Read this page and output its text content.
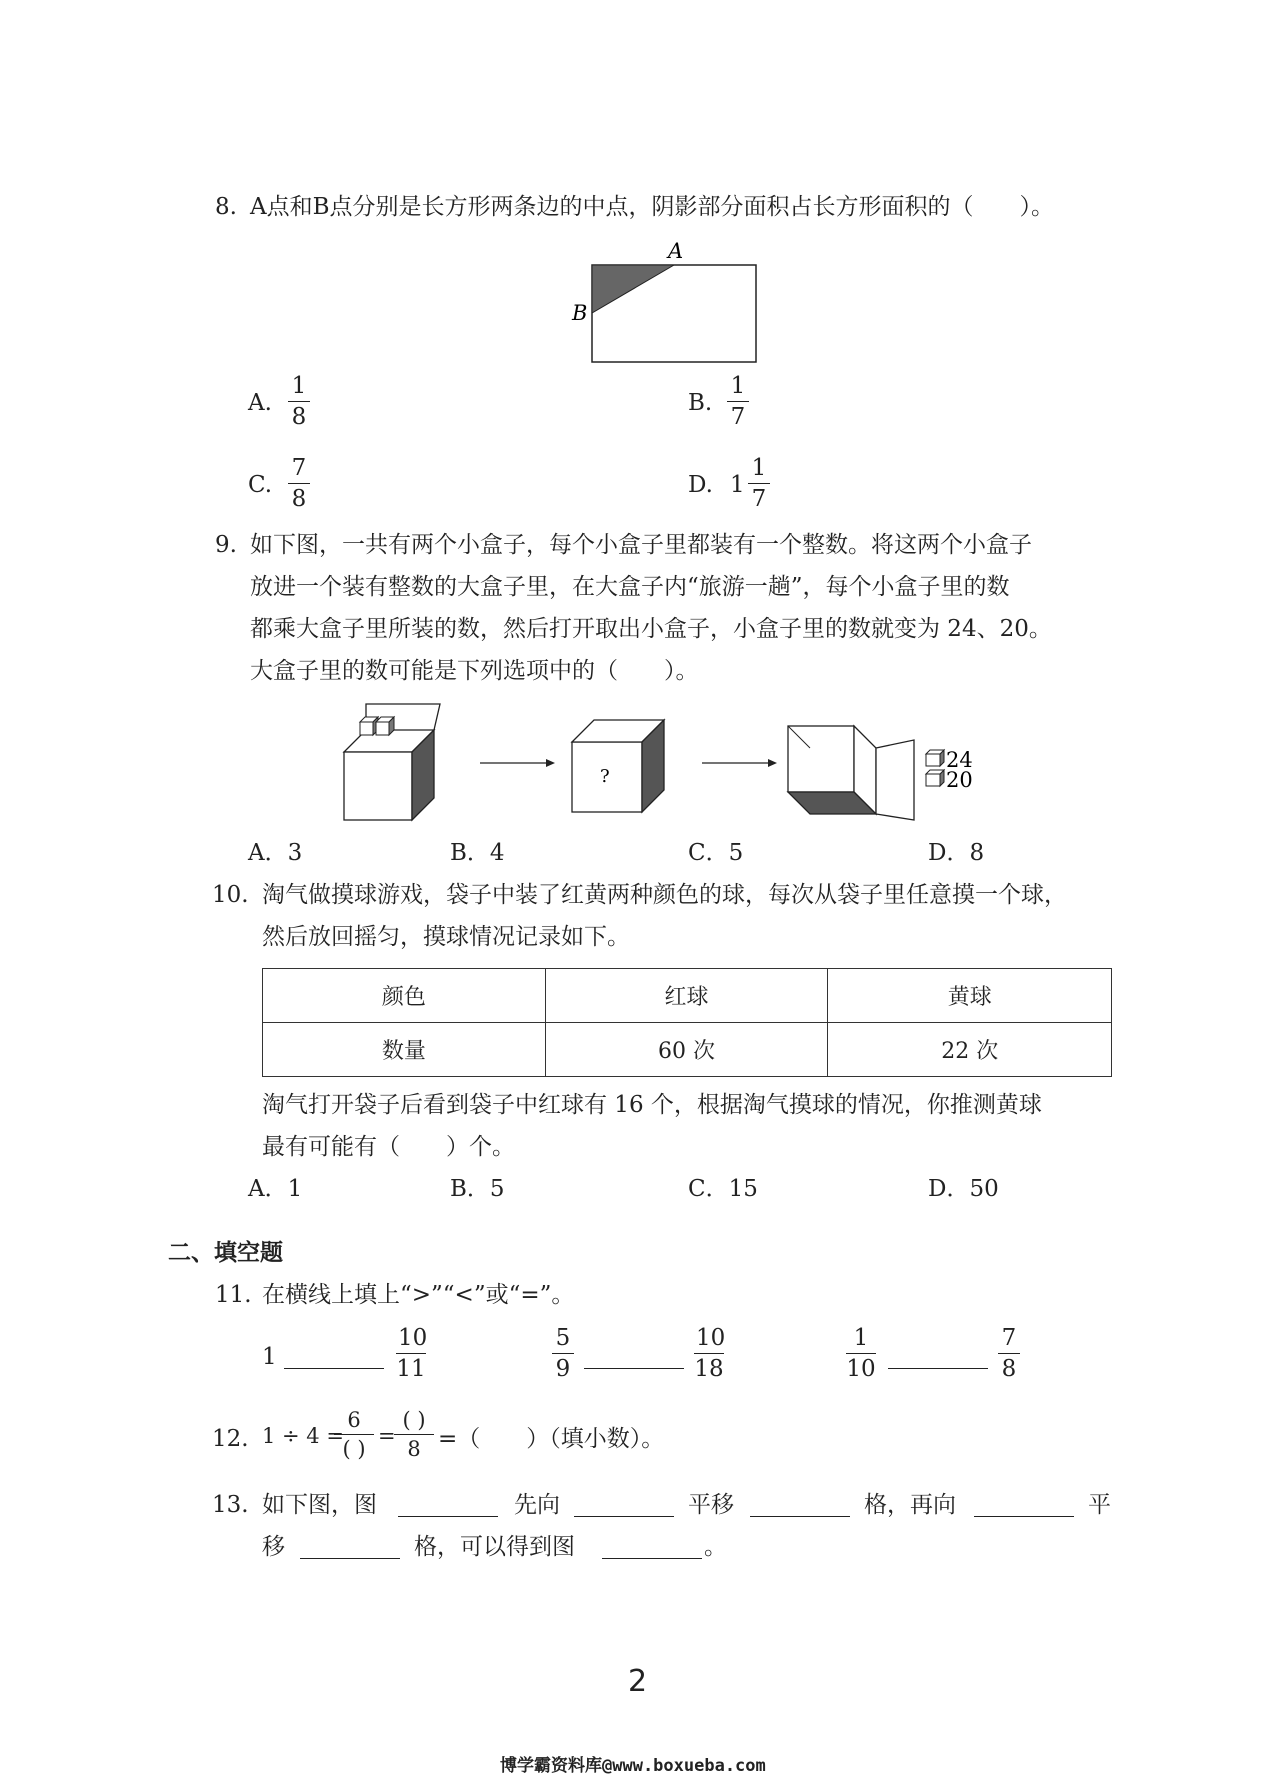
8. A点和B点分别是长方形两条边的中点，阴影部分面积占长方形面积的（　　）。
A
B
A. $\frac{1}{8}$	B. $\frac{1}{7}$
C. $\frac{7}{8}$	D. $1 \frac{1}{7}$
9. 如下图，一共有两个小盒子，每个小盒子里都装有一个整数。将这两个小盒子
放进一个装有整数的大盒子里，在大盒子内“旅游一趟”，每个小盒子里的数
都乘大盒子里所装的数，然后打开取出小盒子，小盒子里的数就变为 24、20。
大盒子里的数可能是下列选项中的（　　）。
?
24
20
A．3	B．4	C．5	D．8
10. 淘气做摸球游戏，袋子中装了红黄两种颜色的球，每次从袋子里任意摸一个球，
然后放回摇匀，摸球情况记录如下。
颜色	红球	黄球
数量	60 次	22 次
淘气打开袋子后看到袋子中红球有 16 个，根据淘气摸球的情况，你推测黄球
最有可能有（　　）个。
A．1	B．5	C．15	D．50
二、填空题
11. 在横线上填上“>”“<”或“=”。
1	$\frac{10}{11}$	$\frac{5}{9}$	$\frac{10}{18}$	$\frac{1}{10}$	$\frac{7}{8}$
12. 1 ÷ 4 =
6
( )
=
( )
8 =（　　）（填小数）。
13. 如下图，图	先向	平移	格，再向	平
移	格，可以得到图	。
2
博学霸资料库@www.boxueba.com
